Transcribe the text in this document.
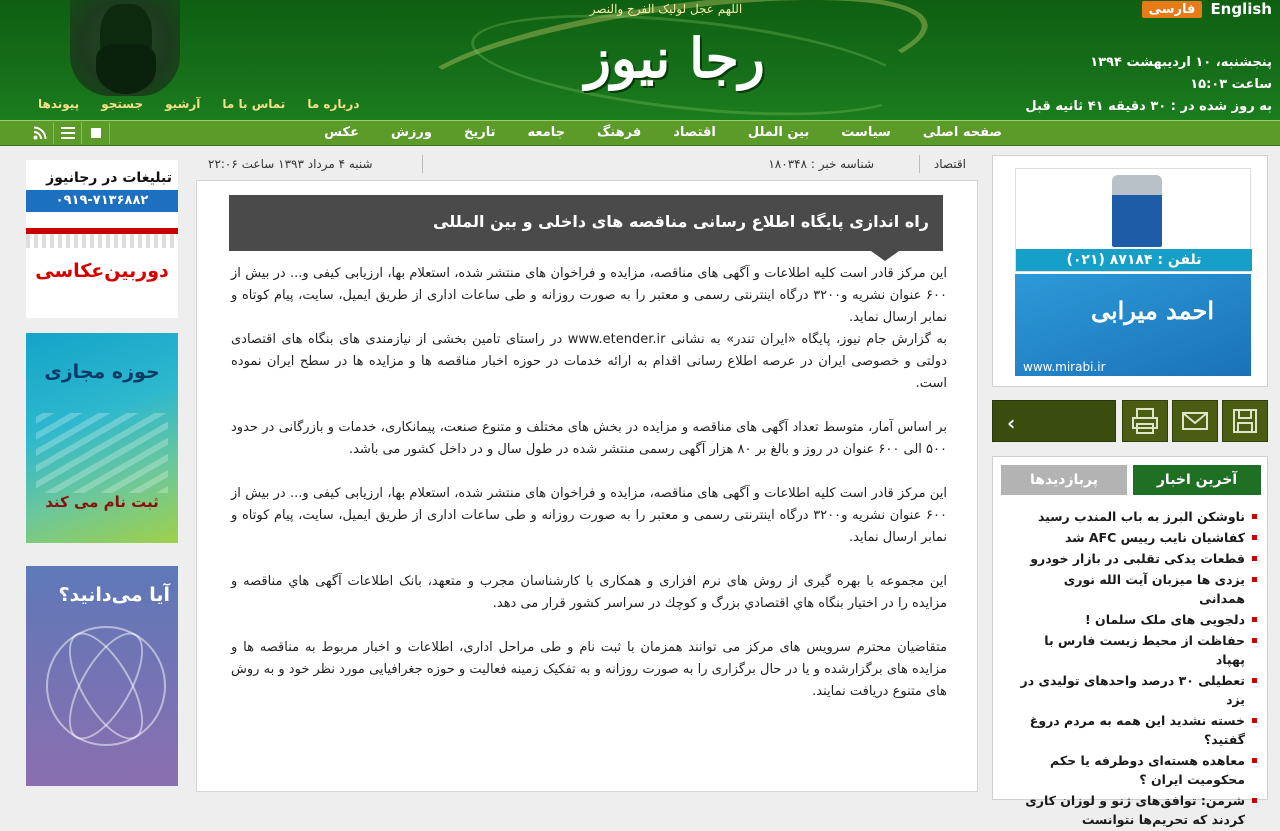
اللهم عجل لولیک الفرج والنصر
رجا نیوز
فارسی	English
پنجشنبه، ۱۰ اردیبهشت ۱۳۹۴
ساعت ۱۵:۰۳
به روز شده در : ۳۰ دقیقه ۴۱ ثانیه قبل
درباره ما
تماس با ما
آرشیو
جستجو
پیوندها
صفحه اصلی
سیاست
بین الملل
اقتصاد
فرهنگ
جامعه
تاریخ
ورزش
عکس
تبلیغات در رجانیوز
۰۹۱۹-۷۱۳۶۸۸۲
دوربین‌عکاسی
حوزه مجازی
ثبت نام می کند
آیا می‌دانید؟
اقتصاد
شناسه خبر : ۱۸۰۳۴۸
شنبه ۴ مرداد ۱۳۹۳ ساعت ۲۲:۰۶
راه اندازی پایگاه اطلاع رسانی مناقصه های داخلی و بین المللی

این مرکز قادر است کلیه اطلاعات و آگهی های مناقصه، مزایده و فراخوان های منتشر شده، استعلام بها، ارزیابی کیفی و... در بیش از ۶۰۰ عنوان نشریه و۳۲۰۰ درگاه اینترنتی رسمی و معتبر را به صورت روزانه و طی ساعات اداری از طریق ایمیل، سایت، پیام کوتاه و نمابر ارسال نماید.

به گزارش جام نیوز، پایگاه «ایران تندر» به نشانی www.etender.ir در راستای تامین بخشی از نیازمندی های بنگاه های اقتصادی دولتی و خصوصی ایران در عرصه اطلاع رسانی اقدام به ارائه خدمات در حوزه اخبار مناقصه ها و مزایده ها در سطح ایران نموده است.

بر اساس آمار، متوسط تعداد آگهی های مناقصه و مزایده در بخش های مختلف و متنوع صنعت، پیمانکاری، خدمات و بازرگانی در حدود ۵۰۰ الی ۶۰۰ عنوان در روز و بالغ بر ۸۰ هزار آگهی رسمی منتشر شده در طول سال و در داخل کشور می باشد.

این مرکز قادر است کلیه اطلاعات و آگهی های مناقصه، مزایده و فراخوان های منتشر شده، استعلام بها، ارزیابی کیفی و... در بیش از ۶۰۰ عنوان نشریه و۳۲۰۰ درگاه اینترنتی رسمی و معتبر را به صورت روزانه و طی ساعات اداری از طریق ایمیل، سایت، پیام کوتاه و نمابر ارسال نماید.

این مجموعه با بهره گیری از روش های نرم افزاری و همکاری با کارشناسان مجرب و متعهد، بانک اطلاعات آگهی هاي مناقصه و مزایده را در اختیار بنگاه هاي اقتصادي بزرگ و کوچك در سراسر کشور قرار می دهد.

متقاضیان محترم سرویس های مرکز می توانند همزمان با ثبت نام و طی مراحل اداری، اطلاعات و اخبار مربوط به مناقصه ها و مزایده های برگزارشده و یا در حال برگزاری را به صورت روزانه و به تفکیک زمینه فعالیت و حوزه جغرافیایی مورد نظر خود و به روش های متنوع دریافت نمایند.

تلفن : ۸۷۱۸۴ (۰۲۱)
احمد میرابی
www.mirabi.ir
‹
آخرین اخبار
پربازدیدها
ناوشکن البرز به باب المندب رسید
کفاشیان نایب رییس AFC شد
قطعات یدکی تقلبی در بازار خودرو
یزدی ها میزبان آیت الله نوری همدانی
دلجویی های ملک سلمان !
حفاظت از محیط زیست فارس با پهپاد
تعطیلی ۳۰ درصد واحدهای تولیدی در یزد
خسته نشدید این همه به مردم دروغ گفتید؟
معاهده هسته‌ای دوطرفه یا حکم محکومیت ایران ؟
شرمن: توافق‌های ژنو و لوزان کاری کردند که تحریم‌ها نتوانست
